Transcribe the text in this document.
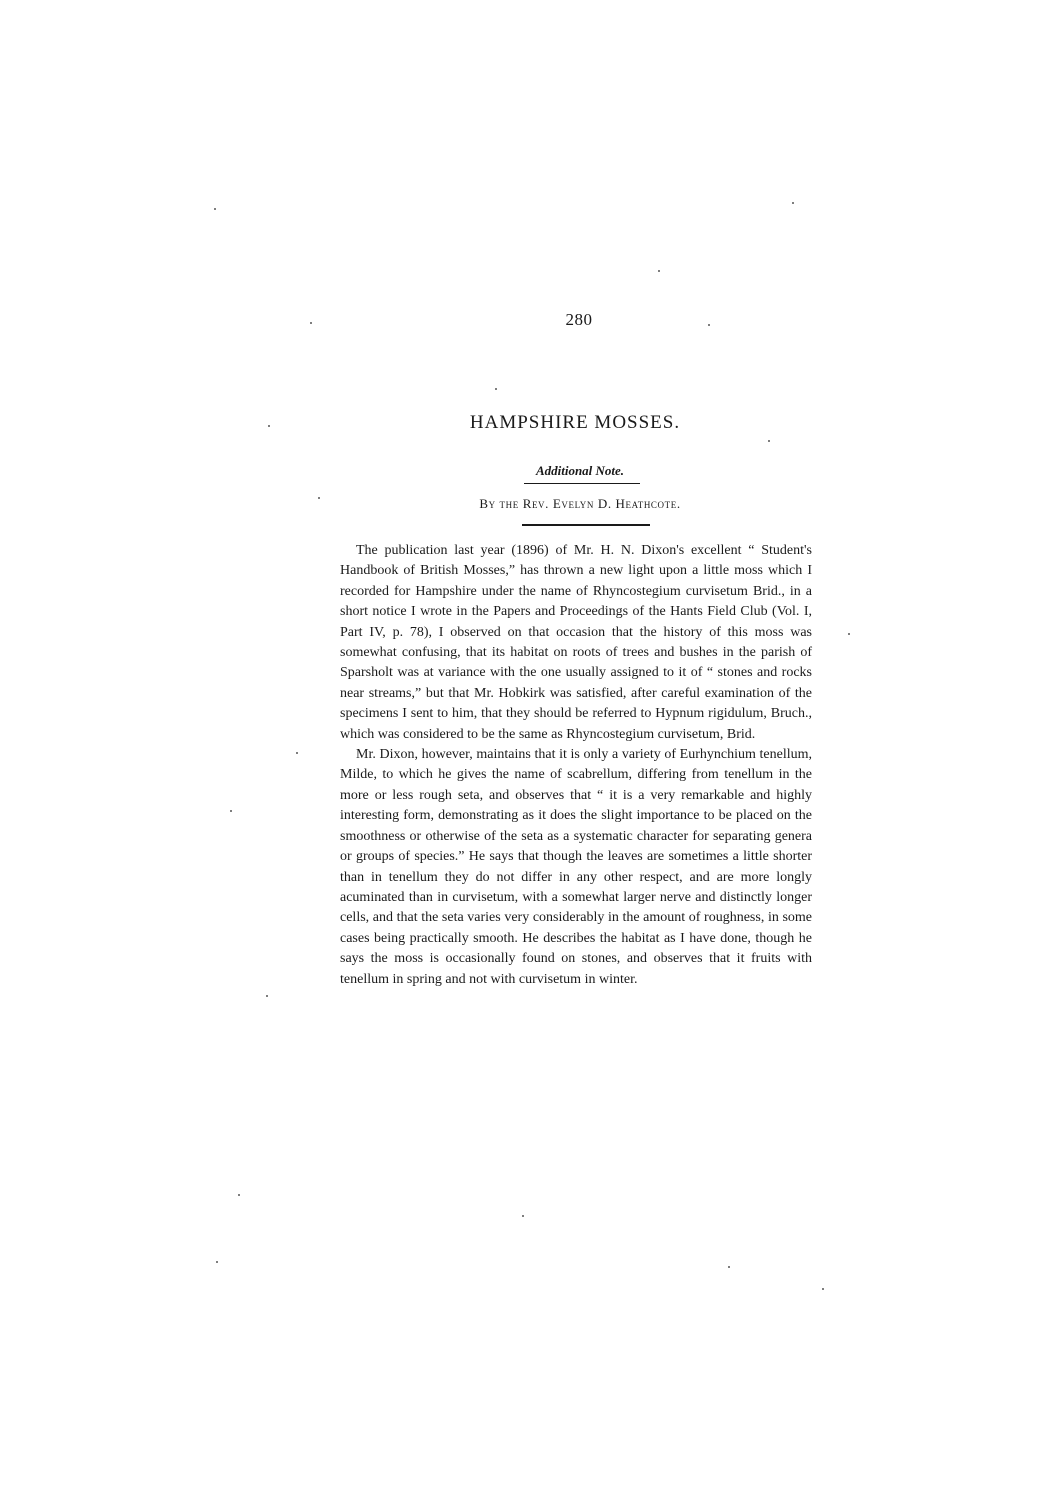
280
HAMPSHIRE MOSSES.
Additional Note.
By the Rev. Evelyn D. Heathcote.

The publication last year (1896) of Mr. H. N. Dixon's excellent “ Student's Handbook of British Mosses,” has thrown a new light upon a little moss which I recorded for Hampshire under the name of Rhyncostegium curvisetum Brid., in a short notice I wrote in the Papers and Proceedings of the Hants Field Club (Vol. I, Part IV, p. 78), I observed on that occasion that the history of this moss was somewhat confusing, that its habitat on roots of trees and bushes in the parish of Sparsholt was at variance with the one usually assigned to it of “ stones and rocks near streams,” but that Mr. Hobkirk was satisfied, after careful examination of the specimens I sent to him, that they should be referred to Hypnum rigidulum, Bruch., which was considered to be the same as Rhyncostegium curvisetum, Brid.

Mr. Dixon, however, maintains that it is only a variety of Eurhynchium tenellum, Milde, to which he gives the name of scabrellum, differing from tenellum in the more or less rough seta, and observes that “ it is a very remarkable and highly interesting form, demonstrating as it does the slight importance to be placed on the smoothness or otherwise of the seta as a systematic character for separating genera or groups of species.” He says that though the leaves are sometimes a little shorter than in tenellum they do not differ in any other respect, and are more longly acuminated than in curvisetum, with a somewhat larger nerve and distinctly longer cells, and that the seta varies very considerably in the amount of roughness, in some cases being practically smooth. He describes the habitat as I have done, though he says the moss is occasionally found on stones, and observes that it fruits with tenellum in spring and not with curvisetum in winter.
